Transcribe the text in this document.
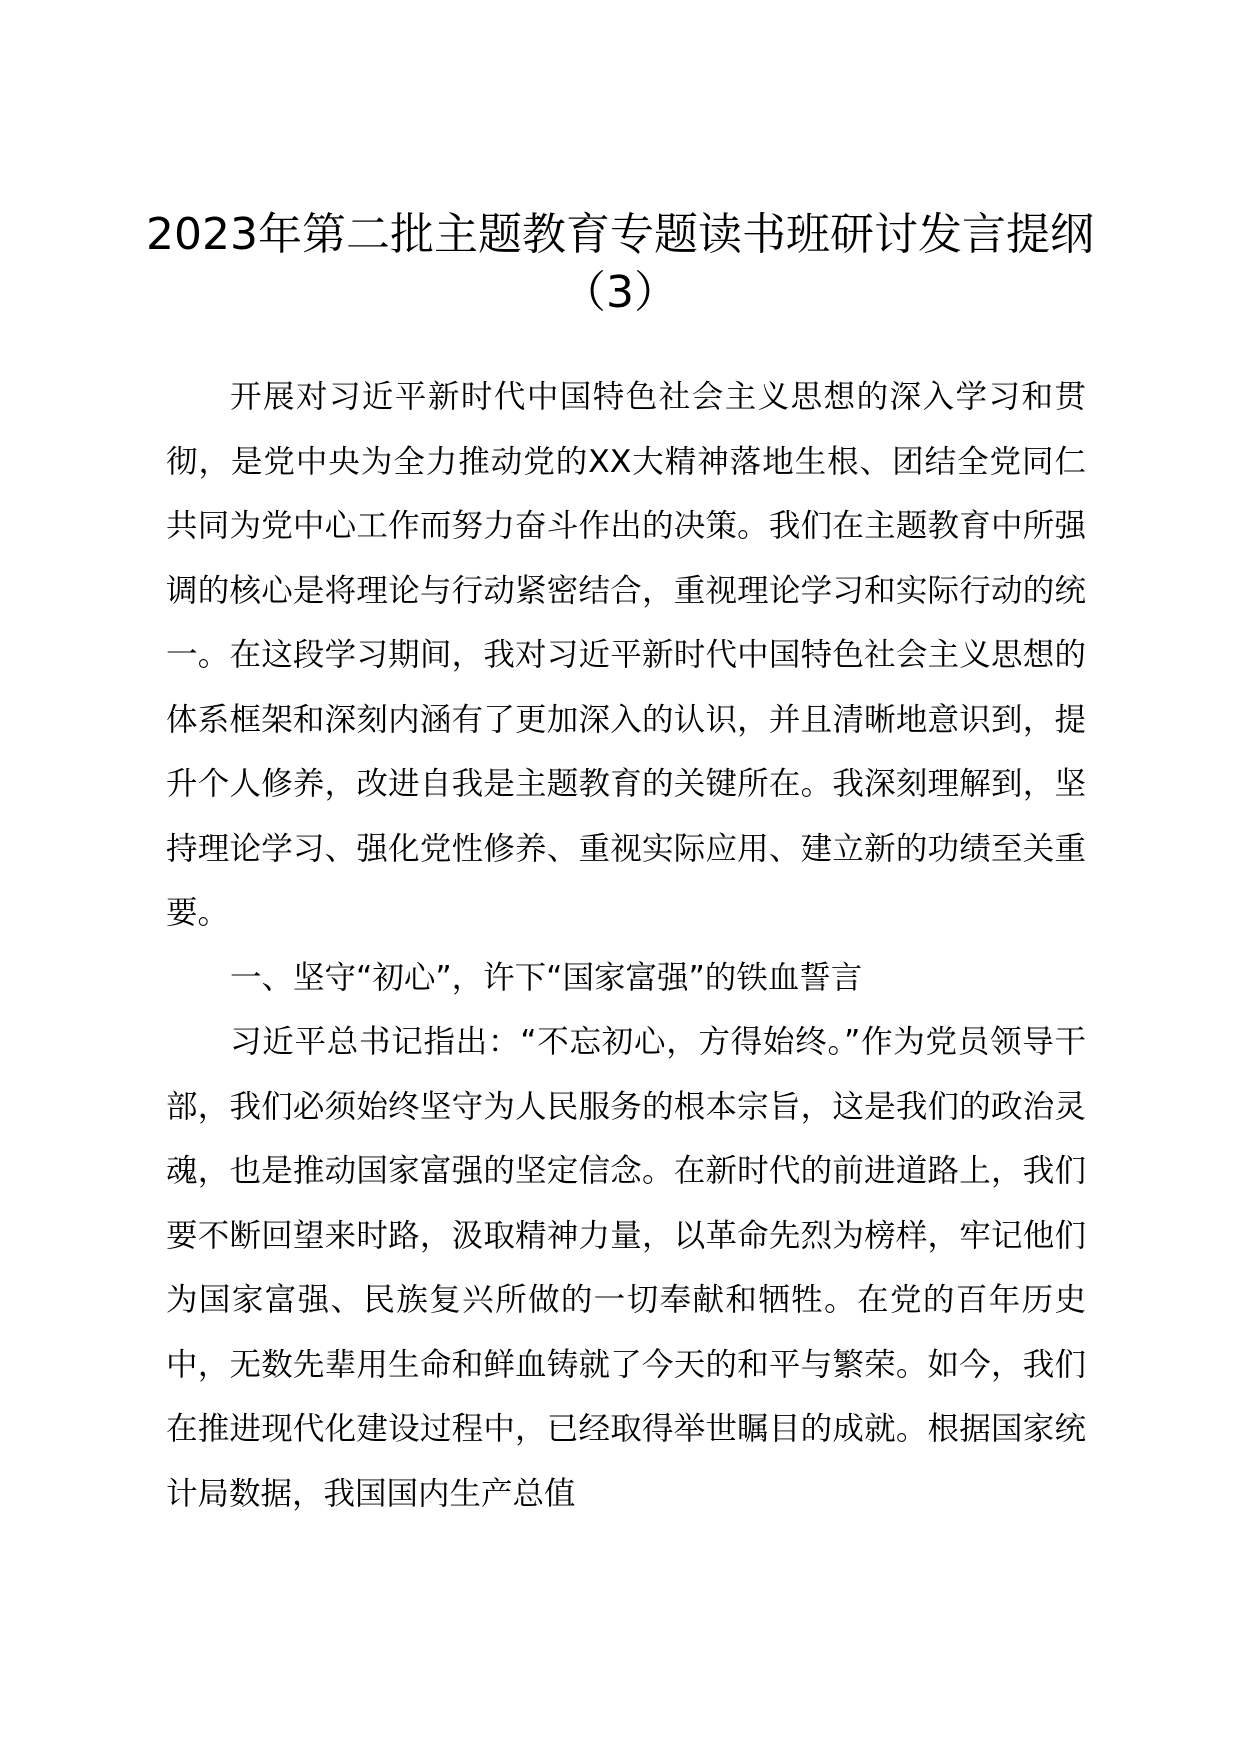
2023年第二批主题教育专题读书班研讨发言提纲（3）

开展对习近平新时代中国特色社会主义思想的深入学习和贯彻，是党中央为全力推动党的XX大精神落地生根、团结全党同仁共同为党中心工作而努力奋斗作出的决策。我们在主题教育中所强调的核心是将理论与行动紧密结合，重视理论学习和实际行动的统一。在这段学习期间，我对习近平新时代中国特色社会主义思想的体系框架和深刻内涵有了更加深入的认识，并且清晰地意识到，提升个人修养，改进自我是主题教育的关键所在。我深刻理解到，坚持理论学习、强化党性修养、重视实际应用、建立新的功绩至关重要。

一、坚守“初心”，许下“国家富强”的铁血誓言

习近平总书记指出：“不忘初心，方得始终。”作为党员领导干部，我们必须始终坚守为人民服务的根本宗旨，这是我们的政治灵魂，也是推动国家富强的坚定信念。在新时代的前进道路上，我们要不断回望来时路，汲取精神力量，以革命先烈为榜样，牢记他们为国家富强、民族复兴所做的一切奉献和牺牲。在党的百年历史中，无数先辈用生命和鲜血铸就了今天的和平与繁荣。如今，我们在推进现代化建设过程中，已经取得举世瞩目的成就。根据国家统计局数据，我国国内生产总值
